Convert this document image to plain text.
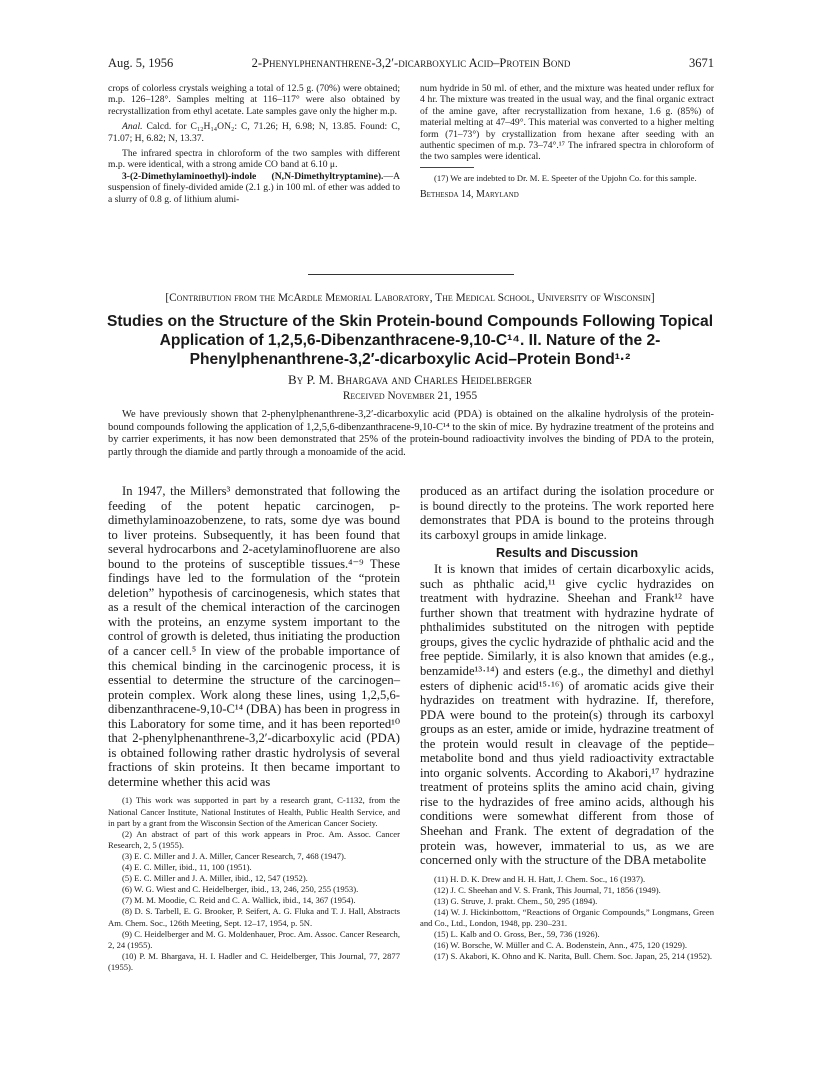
Aug. 5, 1956	2-Phenylphenanthrene-3,2′-dicarboxylic Acid–Protein Bond	3671

crops of colorless crystals weighing a total of 12.5 g. (70%) were obtained; m.p. 126–128°. Samples melting at 116–117° were also obtained by recrystallization from ethyl acetate. Late samples gave only the higher m.p.

Anal. Calcd. for C₁₂H₁₄ON₂: C, 71.26; H, 6.98; N, 13.85. Found: C, 71.07; H, 6.82; N, 13.37.

The infrared spectra in chloroform of the two samples with different m.p. were identical, with a strong amide CO band at 6.10 μ.

3-(2-Dimethylaminoethyl)-indole (N,N-Dimethyltryptamine).—A suspension of finely-divided amide (2.1 g.) in 100 ml. of ether was added to a slurry of 0.8 g. of lithium alumi-

num hydride in 50 ml. of ether, and the mixture was heated under reflux for 4 hr. The mixture was treated in the usual way, and the final organic extract of the amine gave, after recrystallization from hexane, 1.6 g. (85%) of material melting at 47–49°. This material was converted to a higher melting form (71–73°) by crystallization from hexane after seeding with an authentic specimen of m.p. 73–74°.¹⁷ The infrared spectra in chloroform of the two samples were identical.

(17) We are indebted to Dr. M. E. Speeter of the Upjohn Co. for this sample.

Bethesda 14, Maryland

[Contribution from the McArdle Memorial Laboratory, The Medical School, University of Wisconsin]
Studies on the Structure of the Skin Protein-bound Compounds Following Topical Application of 1,2,5,6-Dibenzanthracene-9,10-C¹⁴. II. Nature of the 2-Phenylphenanthrene-3,2′-dicarboxylic Acid–Protein Bond¹·²
By P. M. Bhargava and Charles Heidelberger
Received November 21, 1955

We have previously shown that 2-phenylphenanthrene-3,2′-dicarboxylic acid (PDA) is obtained on the alkaline hydrolysis of the protein-bound compounds following the application of 1,2,5,6-dibenzanthracene-9,10-C¹⁴ to the skin of mice. By hydrazine treatment of the proteins and by carrier experiments, it has now been demonstrated that 25% of the protein-bound radioactivity involves the binding of PDA to the protein, partly through the diamide and partly through a monoamide of the acid.

In 1947, the Millers³ demonstrated that following the feeding of the potent hepatic carcinogen, p-dimethylaminoazobenzene, to rats, some dye was bound to liver proteins. Subsequently, it has been found that several hydrocarbons and 2-acetylaminofluorene are also bound to the proteins of susceptible tissues.⁴⁻⁹ These findings have led to the formulation of the “protein deletion” hypothesis of carcinogenesis, which states that as a result of the chemical interaction of the carcinogen with the proteins, an enzyme system important to the control of growth is deleted, thus initiating the production of a cancer cell.⁵ In view of the probable importance of this chemical binding in the carcinogenic process, it is essential to determine the structure of the carcinogen–protein complex. Work along these lines, using 1,2,5,6-dibenzanthracene-9,10-C¹⁴ (DBA) has been in progress in this Laboratory for some time, and it has been reported¹⁰ that 2-phenylphenanthrene-3,2′-dicarboxylic acid (PDA) is obtained following rather drastic hydrolysis of several fractions of skin proteins. It then became important to determine whether this acid was

(1) This work was supported in part by a research grant, C-1132, from the National Cancer Institute, National Institutes of Health, Public Health Service, and in part by a grant from the Wisconsin Section of the American Cancer Society.

(2) An abstract of part of this work appears in Proc. Am. Assoc. Cancer Research, 2, 5 (1955).

(3) E. C. Miller and J. A. Miller, Cancer Research, 7, 468 (1947).

(4) E. C. Miller, ibid., 11, 100 (1951).

(5) E. C. Miller and J. A. Miller, ibid., 12, 547 (1952).

(6) W. G. Wiest and C. Heidelberger, ibid., 13, 246, 250, 255 (1953).

(7) M. M. Moodie, C. Reid and C. A. Wallick, ibid., 14, 367 (1954).

(8) D. S. Tarbell, E. G. Brooker, P. Seifert, A. G. Fluka and T. J. Hall, Abstracts Am. Chem. Soc., 126th Meeting, Sept. 12–17, 1954, p. 5N.

(9) C. Heidelberger and M. G. Moldenhauer, Proc. Am. Assoc. Cancer Research, 2, 24 (1955).

(10) P. M. Bhargava, H. I. Hadler and C. Heidelberger, This Journal, 77, 2877 (1955).

produced as an artifact during the isolation procedure or is bound directly to the proteins. The work reported here demonstrates that PDA is bound to the proteins through its carboxyl groups in amide linkage.

Results and Discussion

It is known that imides of certain dicarboxylic acids, such as phthalic acid,¹¹ give cyclic hydrazides on treatment with hydrazine. Sheehan and Frank¹² have further shown that treatment with hydrazine hydrate of phthalimides substituted on the nitrogen with peptide groups, gives the cyclic hydrazide of phthalic acid and the free peptide. Similarly, it is also known that amides (e.g., benzamide¹³·¹⁴) and esters (e.g., the dimethyl and diethyl esters of diphenic acid¹⁵·¹⁶) of aromatic acids give their hydrazides on treatment with hydrazine. If, therefore, PDA were bound to the protein(s) through its carboxyl groups as an ester, amide or imide, hydrazine treatment of the protein would result in cleavage of the peptide–metabolite bond and thus yield radioactivity extractable into organic solvents. According to Akabori,¹⁷ hydrazine treatment of proteins splits the amino acid chain, giving rise to the hydrazides of free amino acids, although his conditions were somewhat different from those of Sheehan and Frank. The extent of degradation of the protein was, however, immaterial to us, as we are concerned only with the structure of the DBA metabolite

(11) H. D. K. Drew and H. H. Hatt, J. Chem. Soc., 16 (1937).

(12) J. C. Sheehan and V. S. Frank, This Journal, 71, 1856 (1949).

(13) G. Struve, J. prakt. Chem., 50, 295 (1894).

(14) W. J. Hickinbottom, “Reactions of Organic Compounds,” Longmans, Green and Co., Ltd., London, 1948, pp. 230–231.

(15) L. Kalb and O. Gross, Ber., 59, 736 (1926).

(16) W. Borsche, W. Müller and C. A. Bodenstein, Ann., 475, 120 (1929).

(17) S. Akabori, K. Ohno and K. Narita, Bull. Chem. Soc. Japan, 25, 214 (1952).
